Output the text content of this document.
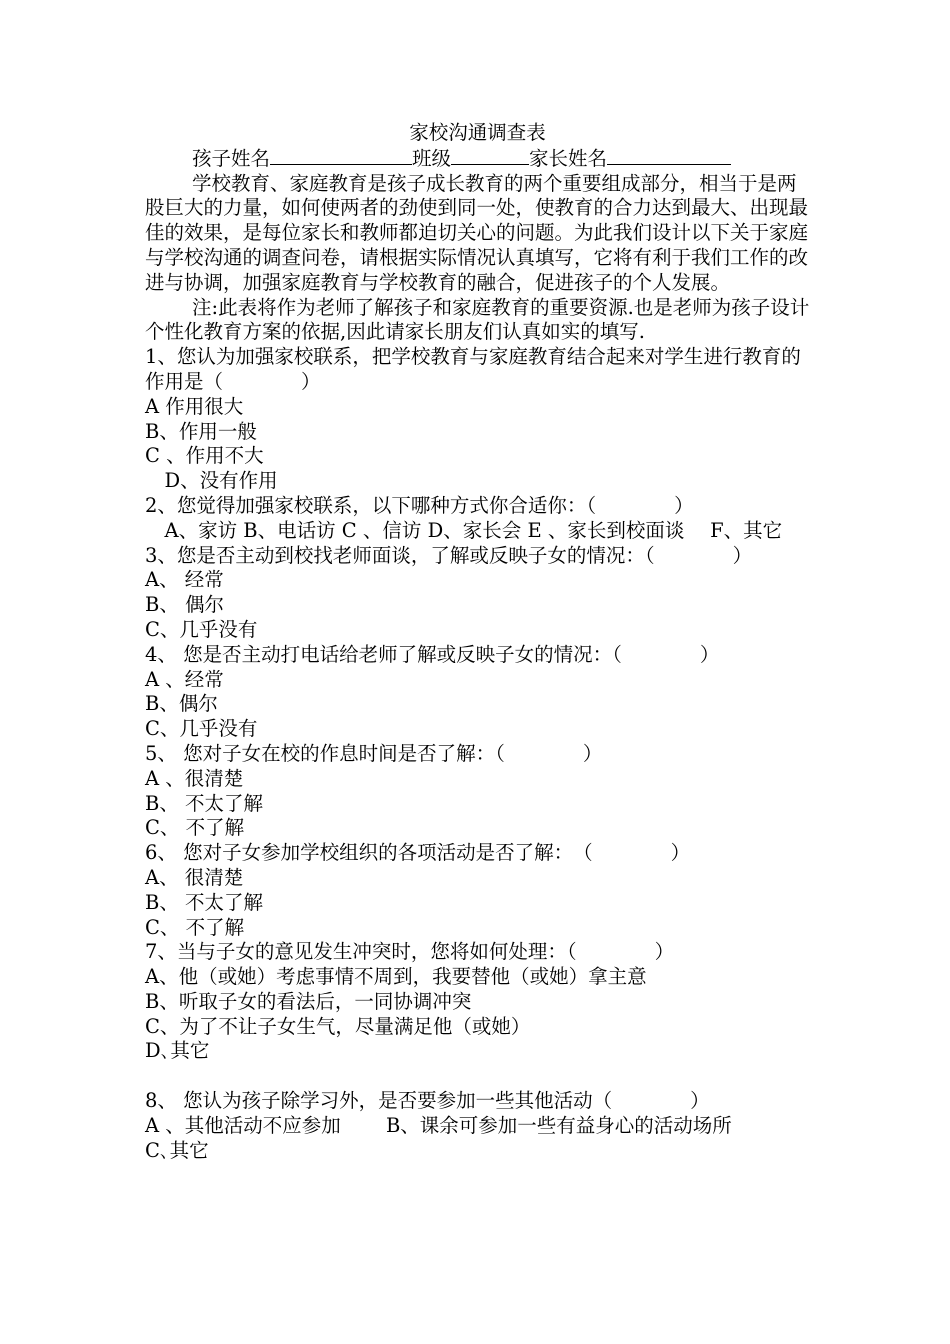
家校沟通调查表

孩子姓名	班级	家长姓名

学校教育、家庭教育是孩子成长教育的两个重要组成部分，相当于是两股巨大的力量，如何使两者的劲使到同一处，使教育的合力达到最大、出现最佳的效果，是每位家长和教师都迫切关心的问题。为此我们设计以下关于家庭与学校沟通的调查问卷，请根据实际情况认真填写，它将有利于我们工作的改进与协调，加强家庭教育与学校教育的融合，促进孩子的个人发展。

注:此表将作为老师了解孩子和家庭教育的重要资源.也是老师为孩子设计个性化教育方案的依据,因此请家长朋友们认真如实的填写.

1、您认为加强家校联系，把学校教育与家庭教育结合起来对学生进行教育的作用是（　　　　）

A 作用很大

B、作用一般

C 、作用不大

　D、没有作用

2、您觉得加强家校联系，以下哪种方式你合适你：（　　　　）

　A、家访 B、电话访 C 、信访 D、家长会 E 、家长到校面谈　 F、其它

3、您是否主动到校找老师面谈，了解或反映子女的情况：（　　　　）

A、 经常

B、 偶尔

C、几乎没有

4、 您是否主动打电话给老师了解或反映子女的情况：（　　　　）

A 、经常

B、偶尔

C、几乎没有

5、 您对子女在校的作息时间是否了解：（　　　　）

A 、很清楚

B、 不太了解

C、 不了解

6、 您对子女参加学校组织的各项活动是否了解：　（　　　　）

A、 很清楚

B、 不太了解

C、 不了解

7、当与子女的意见发生冲突时，您将如何处理：（　　　　）

A、他（或她）考虑事情不周到，我要替他（或她）拿主意

B、听取子女的看法后，一同协调冲突

C、为了不让子女生气，尽量满足他（或她）

D､其它

8、 您认为孩子除学习外，是否要参加一些其他活动（　　　　）

A 、其他活动不应参加　　 B、课余可参加一些有益身心的活动场所

C､其它
